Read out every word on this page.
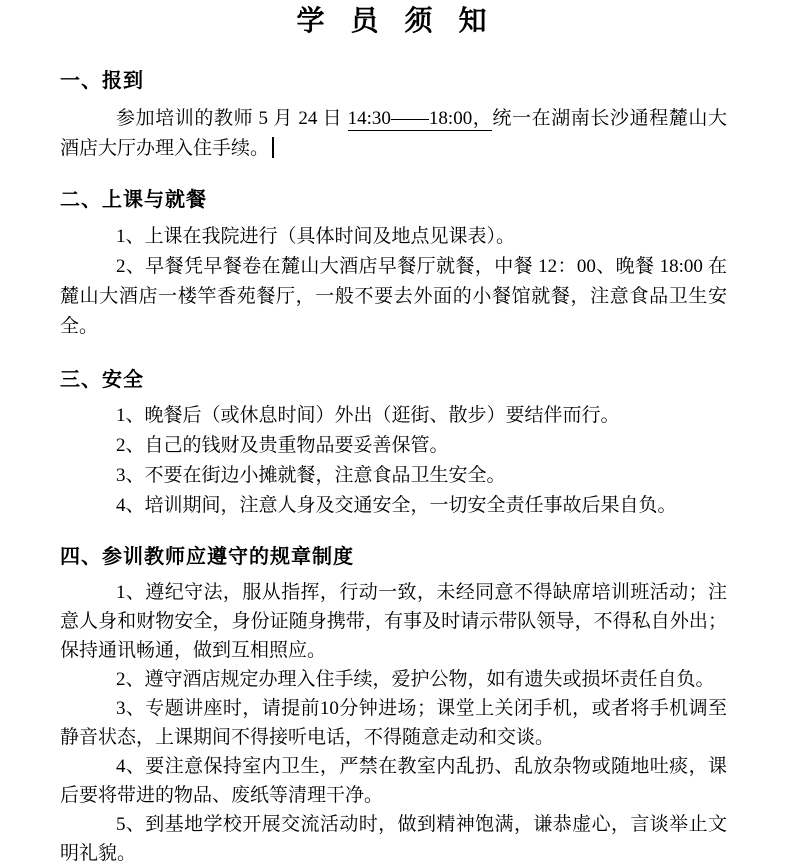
学  员  须  知
一、报到

参加培训的教师 5 月 24 日 14:30——18:00，统一在湖南长沙通程麓山大酒店大厅办理入住手续。

二、上课与就餐

1、上课在我院进行（具体时间及地点见课表）。

2、早餐凭早餐卷在麓山大酒店早餐厅就餐，中餐 12：00、晚餐 18:00 在麓山大酒店一楼竿香苑餐厅，一般不要去外面的小餐馆就餐，注意食品卫生安全。

三、安全

1、晚餐后（或休息时间）外出（逛街、散步）要结伴而行。

2、自己的钱财及贵重物品要妥善保管。

3、不要在街边小摊就餐，注意食品卫生安全。

4、培训期间，注意人身及交通安全，一切安全责任事故后果自负。

四、参训教师应遵守的规章制度

1、遵纪守法，服从指挥，行动一致，未经同意不得缺席培训班活动；注意人身和财物安全，身份证随身携带，有事及时请示带队领导，不得私自外出；保持通讯畅通，做到互相照应。

2、遵守酒店规定办理入住手续，爱护公物，如有遗失或损坏责任自负。

3、专题讲座时，请提前10分钟进场；课堂上关闭手机，或者将手机调至静音状态，上课期间不得接听电话，不得随意走动和交谈。

4、要注意保持室内卫生，严禁在教室内乱扔、乱放杂物或随地吐痰，课后要将带进的物品、废纸等清理干净。

5、到基地学校开展交流活动时，做到精神饱满，谦恭虚心，言谈举止文明礼貌。
